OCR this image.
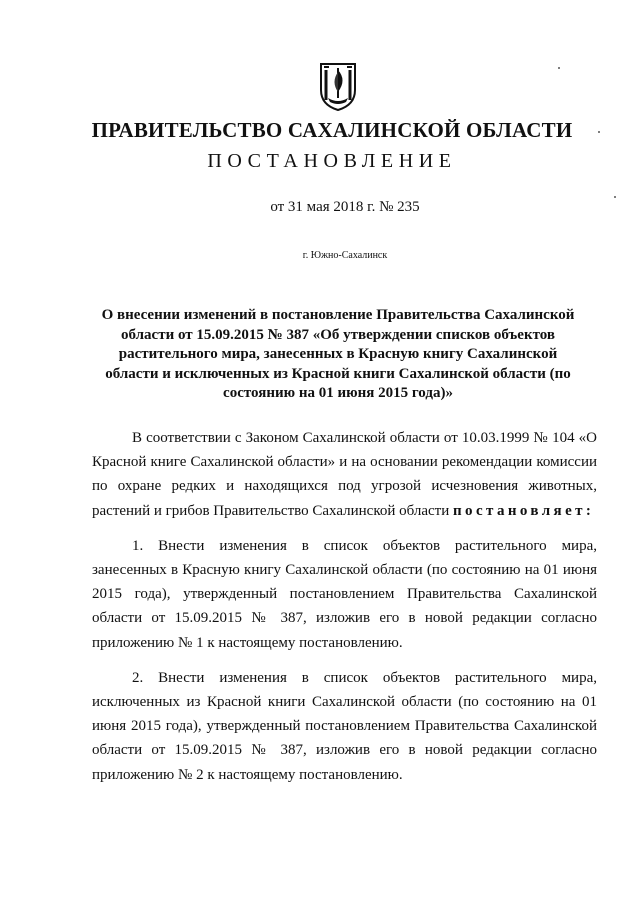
ПРАВИТЕЛЬСТВО САХАЛИНСКОЙ ОБЛАСТИ
ПОСТАНОВЛЕНИЕ
от 31 мая 2018 г. № 235
г. Южно-Сахалинск

О внесении изменений в постановление Правительства Сахалинской области от 15.09.2015 № 387 «Об утверждении списков объектов растительного мира, занесенных в Красную книгу Сахалинской области и исключенных из Красной книги Сахалинской области (по состоянию на 01 июня 2015 года)»

В соответствии с Законом Сахалинской области от 10.03.1999 № 104 «О Красной книге Сахалинской области» и на основании рекомендации комиссии по охране редких и находящихся под угрозой исчезновения животных, растений и грибов Правительство Сахалинской области постановляет:

1. Внести изменения в список объектов растительного мира, занесенных в Красную книгу Сахалинской области (по состоянию на 01 июня 2015 года), утвержденный постановлением Правительства Сахалинской области от 15.09.2015 № 387, изложив его в новой редакции согласно приложению № 1 к настоящему постановлению.

2. Внести изменения в список объектов растительного мира, исключенных из Красной книги Сахалинской области (по состоянию на 01 июня 2015 года), утвержденный постановлением Правительства Сахалинской области от 15.09.2015 № 387, изложив его в новой редакции согласно приложению № 2 к настоящему постановлению.
